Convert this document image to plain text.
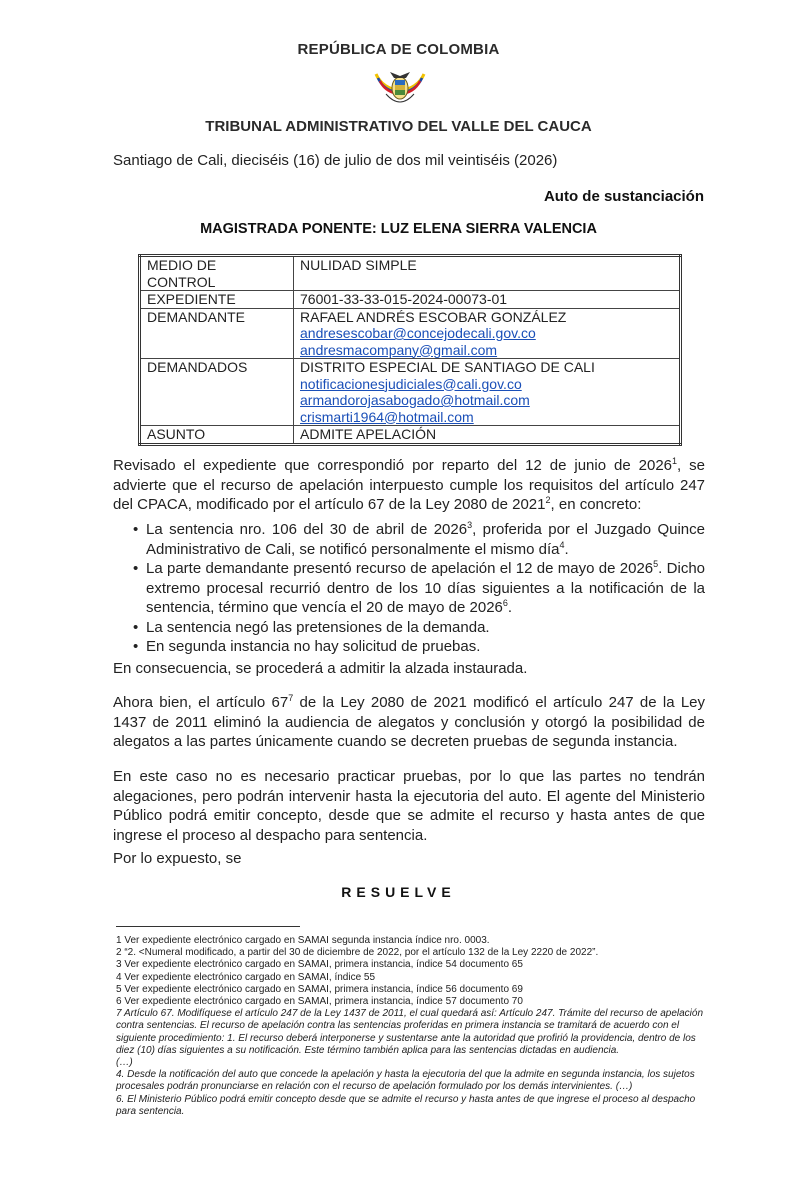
REPÚBLICA DE COLOMBIA
TRIBUNAL ADMINISTRATIVO DEL VALLE DEL CAUCA
Santiago de Cali, dieciséis (16) de julio de dos mil veintiséis (2026)
Auto de sustanciación
MAGISTRADA PONENTE: LUZ ELENA SIERRA VALENCIA
MEDIO DE CONTROL	NULIDAD SIMPLE
EXPEDIENTE	76001-33-33-015-2024-00073-01
DEMANDANTE	RAFAEL ANDRÉS ESCOBAR GONZÁLEZ
andresescobar@concejodecali.gov.co
andresmacompany@gmail.com

DEMANDADOS	DISTRITO ESPECIAL DE SANTIAGO DE CALI
notificacionesjudiciales@cali.gov.co
armandorojasabogado@hotmail.com
crismarti1964@hotmail.com

ASUNTO	ADMITE APELACIÓN
Revisado el expediente que correspondió por reparto del 12 de junio de 2026$^1$, se advierte que el recurso de apelación interpuesto cumple los requisitos del artículo 247 del CPACA, modificado por el artículo 67 de la Ley 2080 de 2021$^2$, en concreto:
• La sentencia nro. 106 del 30 de abril de 2026$^3$, proferida por el Juzgado Quince Administrativo de Cali, se notificó personalmente el mismo día$^4$.
• La parte demandante presentó recurso de apelación el 12 de mayo de 2026$^5$. Dicho extremo procesal recurrió dentro de los 10 días siguientes a la notificación de la sentencia, término que vencía el 20 de mayo de 2026$^6$.
• La sentencia negó las pretensiones de la demanda.
• En segunda instancia no hay solicitud de pruebas.
En consecuencia, se procederá a admitir la alzada instaurada.
Ahora bien, el artículo $67^7$ de la Ley 2080 de 2021 modificó el artículo 247 de la Ley 1437 de 2011 eliminó la audiencia de alegatos y conclusión y otorgó la posibilidad de alegatos a las partes únicamente cuando se decreten pruebas de segunda instancia.
En este caso no es necesario practicar pruebas, por lo que las partes no tendrán alegaciones, pero podrán intervenir hasta la ejecutoria del auto. El agente del Ministerio Público podrá emitir concepto, desde que se admite el recurso y hasta antes de que ingrese el proceso al despacho para sentencia.
Por lo expuesto, se
RESUELVE

1 Ver expediente electrónico cargado en SAMAI segunda instancia índice nro. 0003.

2 “2. <Numeral modificado, a partir del 30 de diciembre de 2022, por el artículo 132 de la Ley 2220 de 2022”.

3 Ver expediente electrónico cargado en SAMAI, primera instancia, índice 54 documento 65

4 Ver expediente electrónico cargado en SAMAI, índice 55

5 Ver expediente electrónico cargado en SAMAI, primera instancia, índice 56 documento 69

6 Ver expediente electrónico cargado en SAMAI, primera instancia, índice 57 documento 70

7 Artículo 67. Modifíquese el artículo 247 de la Ley 1437 de 2011, el cual quedará así: Artículo 247. Trámite del recurso de apelación contra sentencias. El recurso de apelación contra las sentencias proferidas en primera instancia se tramitará de acuerdo con el siguiente procedimiento: 1. El recurso deberá interponerse y sustentarse ante la autoridad que profirió la providencia, dentro de los diez (10) días siguientes a su notificación. Este término también aplica para las sentencias dictadas en audiencia.

(…)

4. Desde la notificación del auto que concede la apelación y hasta la ejecutoria del que la admite en segunda instancia, los sujetos procesales podrán pronunciarse en relación con el recurso de apelación formulado por los demás intervinientes. (…)

6. El Ministerio Público podrá emitir concepto desde que se admite el recurso y hasta antes de que ingrese el proceso al despacho para sentencia.
